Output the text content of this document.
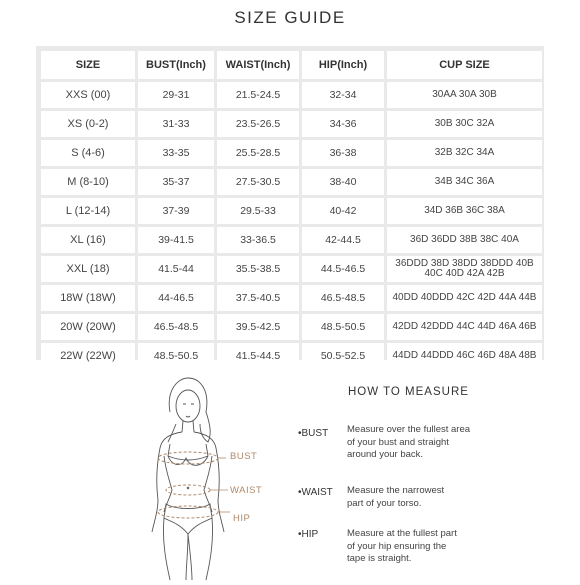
SIZE GUIDE
SIZE	BUST(Inch)	WAIST(Inch)	HIP(Inch)	CUP SIZE
XXS (00)	29-31	21.5-24.5	32-34	30AA 30A 30B
XS (0-2)	31-33	23.5-26.5	34-36	30B 30C 32A
S (4-6)	33-35	25.5-28.5	36-38	32B 32C 34A
M (8-10)	35-37	27.5-30.5	38-40	34B 34C 36A
L (12-14)	37-39	29.5-33	40-42	34D 36B 36C 38A
XL (16)	39-41.5	33-36.5	42-44.5	36D 36DD 38B 38C 40A
XXL (18)	41.5-44	35.5-38.5	44.5-46.5	36DDD 38D 38DD 38DDD 40B 40C 40D 42A 42B
18W (18W)	44-46.5	37.5-40.5	46.5-48.5	40DD 40DDD 42C 42D 44A 44B
20W (20W)	46.5-48.5	39.5-42.5	48.5-50.5	42DD 42DDD 44C 44D 46A 46B
22W (22W)	48.5-50.5	41.5-44.5	50.5-52.5	44DD 44DDD 46C 46D 48A 48B
BUST
WAIST
HIP
HOW TO MEASURE
•BUST Measure over the fullest area
of your bust and straight
around your back.
•WAIST Measure the narrowest
part of your torso.
•HIP	Measure at the fullest part
of your hip ensuring the
tape is straight.
